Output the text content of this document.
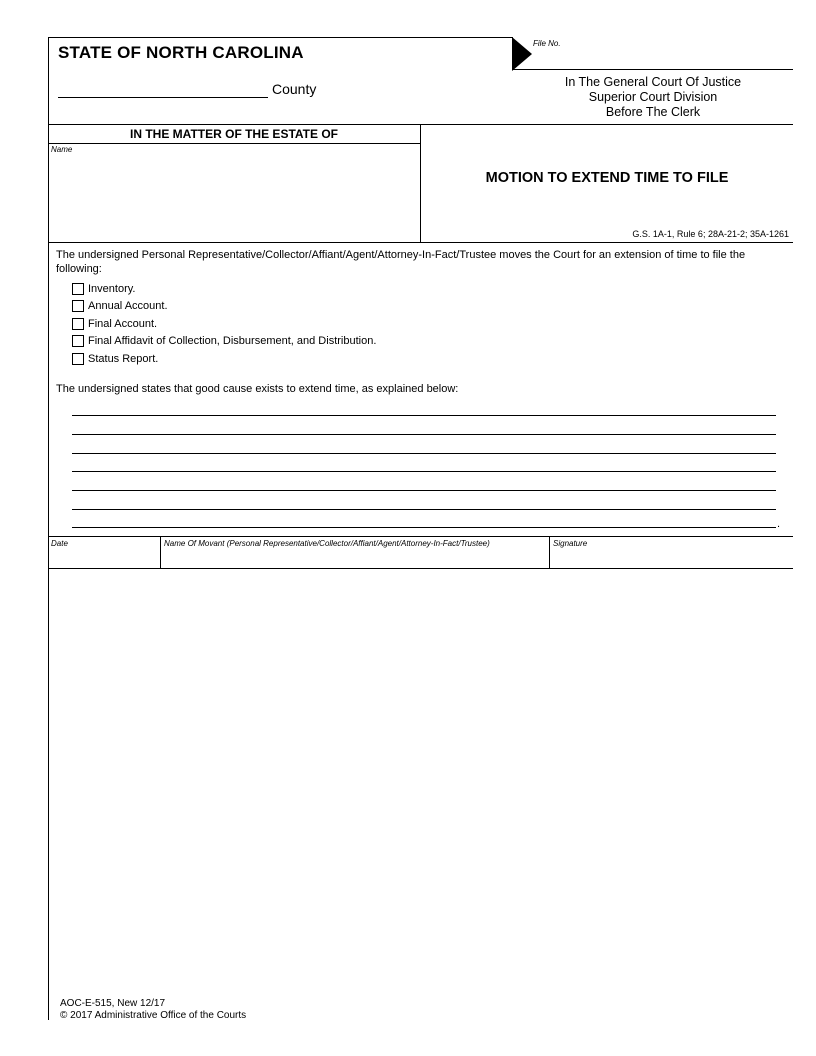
STATE OF NORTH CAROLINA
County
File No.
In The General Court Of Justice
Superior Court Division
Before The Clerk
IN THE MATTER OF THE ESTATE OF
Name
MOTION TO EXTEND TIME TO FILE
G.S. 1A-1, Rule 6; 28A-21-2; 35A-1261
The undersigned Personal Representative/Collector/Affiant/Agent/Attorney-In-Fact/Trustee moves the Court for an extension of time to file the following:
Inventory.
Annual Account.
Final Account.
Final Affidavit of Collection, Disbursement, and Distribution.
Status Report.
The undersigned states that good cause exists to extend time, as explained below:
.
Date	Name Of Movant (Personal Representative/Collector/Affiant/Agent/Attorney-In-Fact/Trustee)	Signature
AOC-E-515, New 12/17
© 2017 Administrative Office of the Courts
